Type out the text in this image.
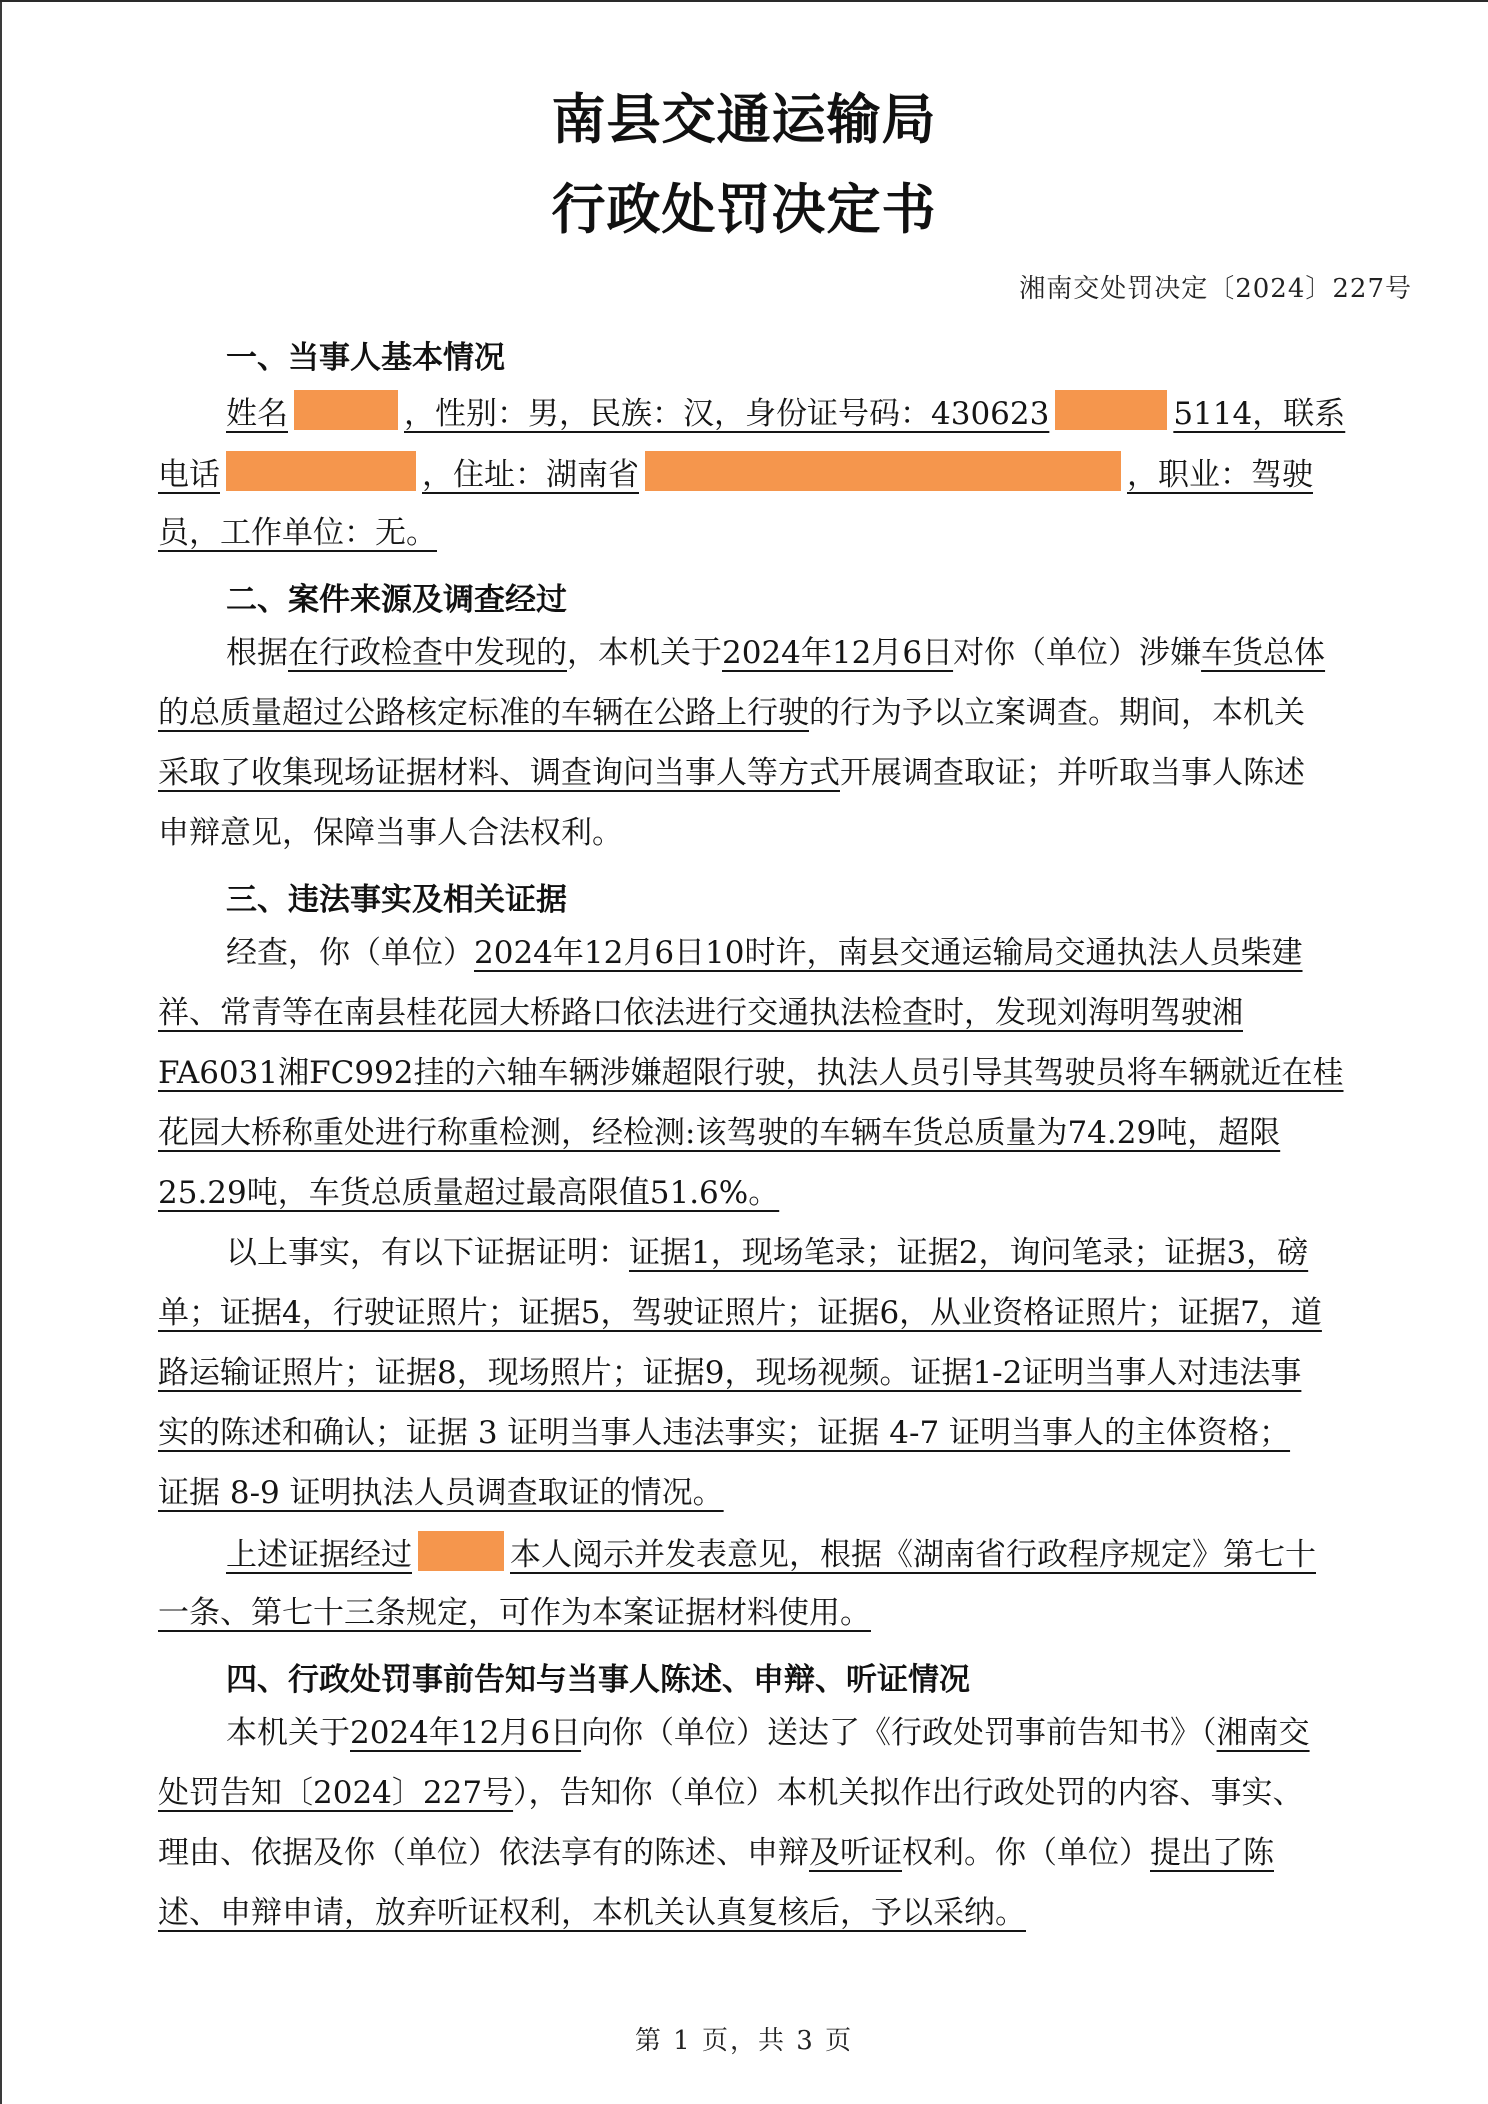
南县交通运输局
行政处罚决定书
湘南交处罚决定〔2024〕227号
一、当事人基本情况
姓名	，性别：男，民族：汉，身份证号码：430623	5114，联系
电话	，住址：湖南省	，职业：驾驶
员，工作单位：无。
二、案件来源及调查经过
根据在行政检查中发现的，本机关于2024年12月6日对你（单位）涉嫌车货总体
的总质量超过公路核定标准的车辆在公路上行驶的行为予以立案调查。期间，本机关
采取了收集现场证据材料、调查询问当事人等方式开展调查取证；并听取当事人陈述
申辩意见，保障当事人合法权利。
三、违法事实及相关证据
经查，你（单位）2024年12月6日10时许，南县交通运输局交通执法人员柴建
祥、常青等在南县桂花园大桥路口依法进行交通执法检查时，发现刘海明驾驶湘
FA6031湘FC992挂的六轴车辆涉嫌超限行驶，执法人员引导其驾驶员将车辆就近在桂
花园大桥称重处进行称重检测，经检测:该驾驶的车辆车货总质量为74.29吨，超限
25.29吨，车货总质量超过最高限值51.6%。
以上事实，有以下证据证明：证据1，现场笔录；证据2，询问笔录；证据3，磅
单；证据4，行驶证照片；证据5，驾驶证照片；证据6，从业资格证照片；证据7，道
路运输证照片；证据8，现场照片；证据9，现场视频。证据1-2证明当事人对违法事
实的陈述和确认；证据 3 证明当事人违法事实；证据 4-7 证明当事人的主体资格；
证据 8-9 证明执法人员调查取证的情况。
上述证据经过	本人阅示并发表意见，根据《湖南省行政程序规定》第七十
一条、第七十三条规定，可作为本案证据材料使用。
四、行政处罚事前告知与当事人陈述、申辩、听证情况
本机关于2024年12月6日向你（单位）送达了《行政处罚事前告知书》（湘南交
处罚告知〔2024〕227号），告知你（单位）本机关拟作出行政处罚的内容、事实、
理由、依据及你（单位）依法享有的陈述、申辩及听证权利。你（单位）提出了陈
述、申辩申请，放弃听证权利，本机关认真复核后，予以采纳。
第 1 页，共 3 页
